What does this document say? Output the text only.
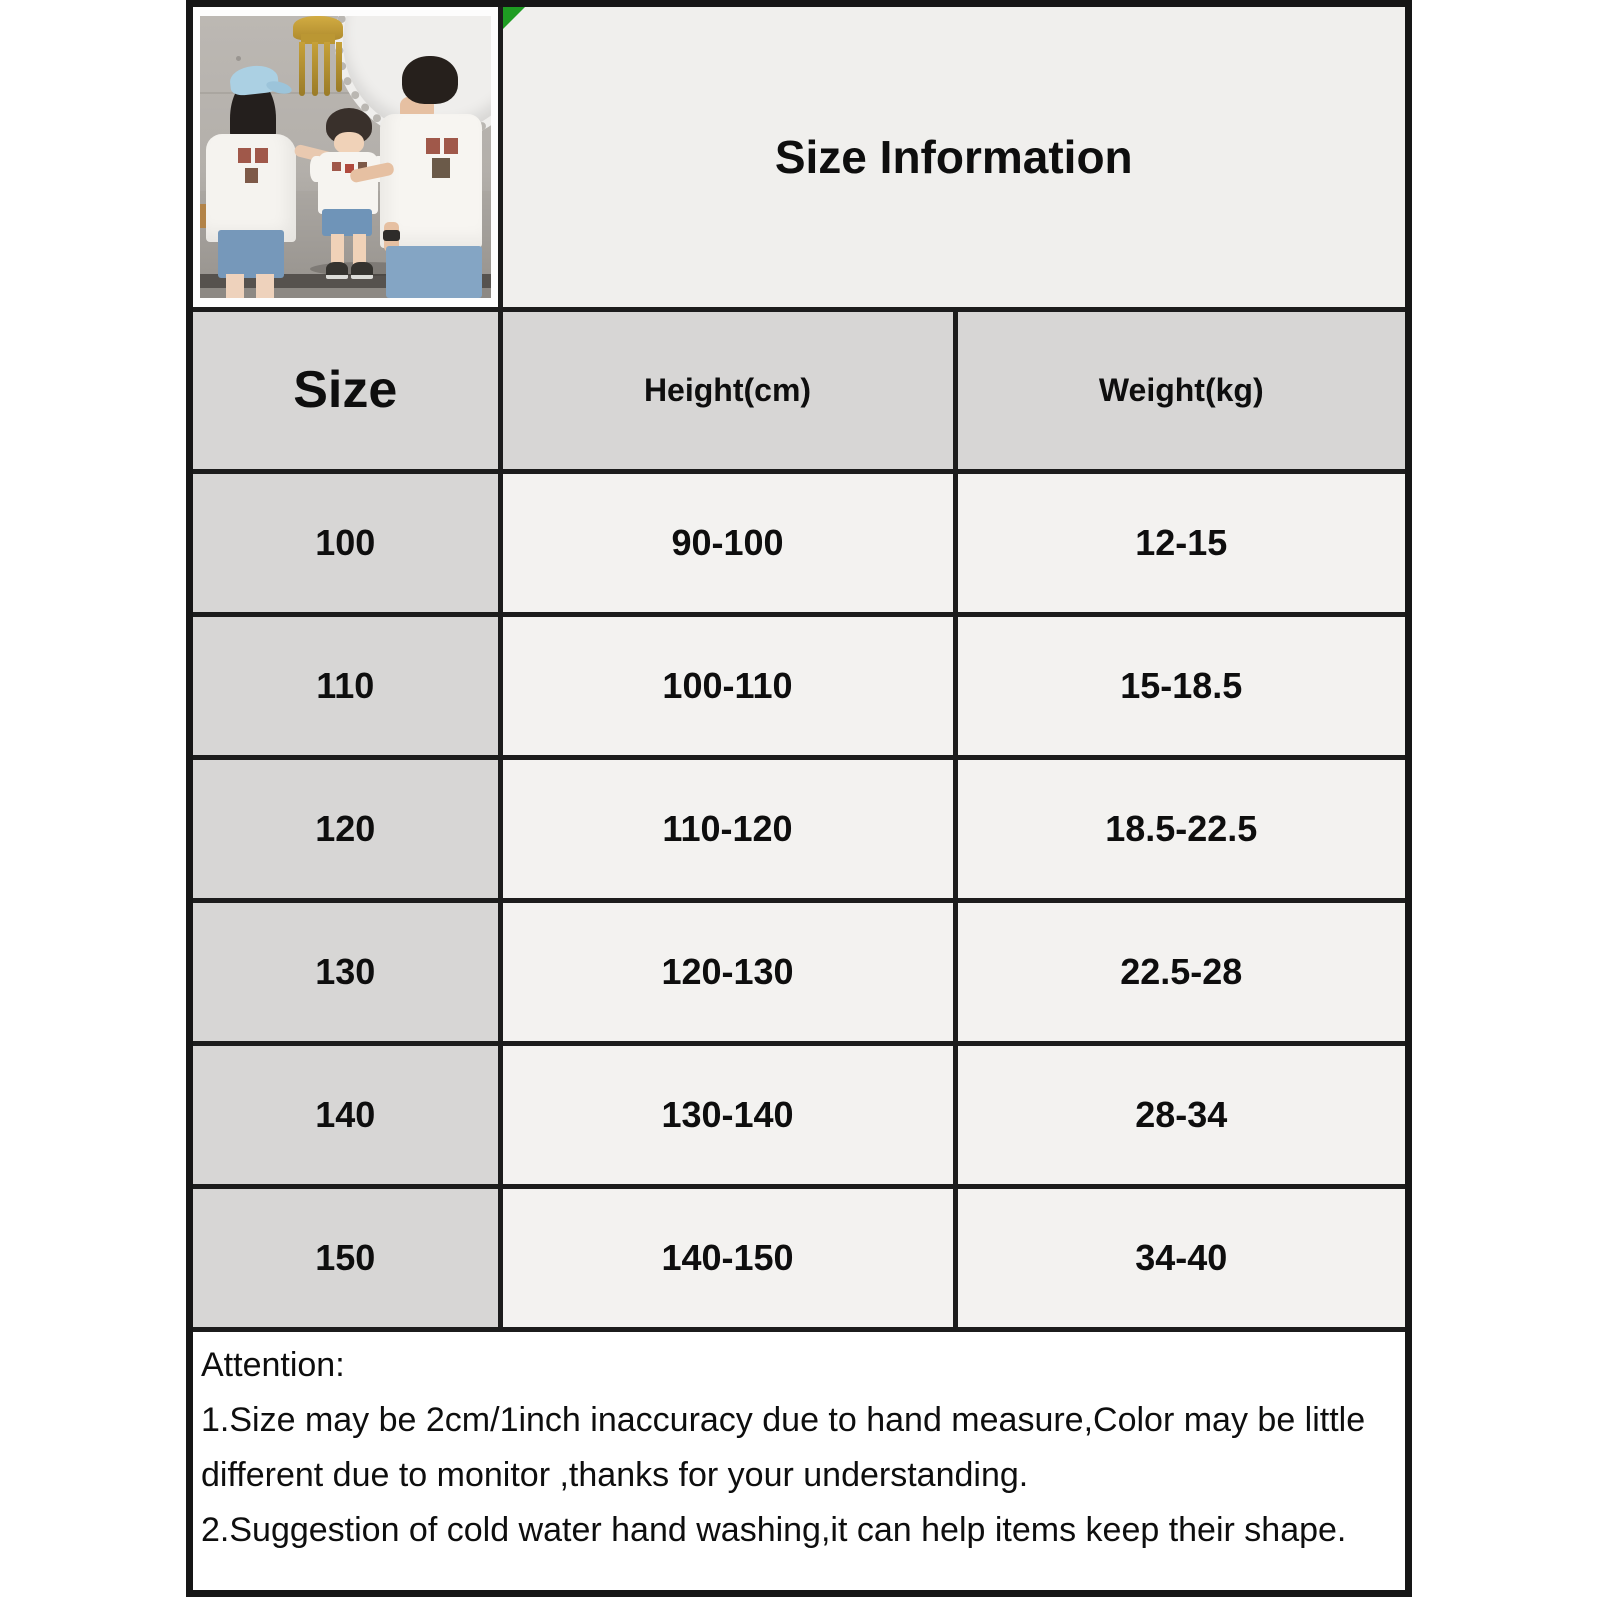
Size Information	
Size	Height(cm)	Weight(kg)
100	90-100	12-15
110	100-110	15-18.5
120	110-120	18.5-22.5
130	120-130	22.5-28
140	130-140	28-34
150	140-150	34-40

Attention:
1.Size may be 2cm/1inch inaccuracy due to hand measure,Color may be little
different due to monitor ,thanks for your understanding.
2.Suggestion of cold water hand washing,it can help items keep their shape.		
